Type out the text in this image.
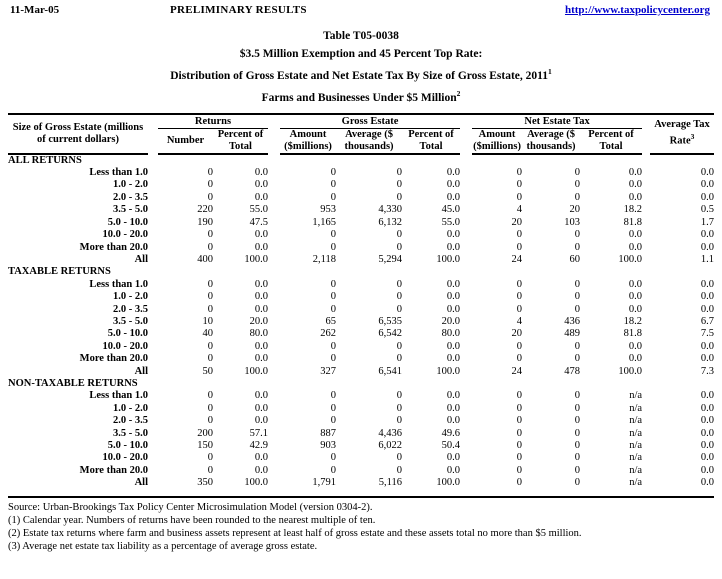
11-Mar-05	PRELIMINARY RESULTS	http://www.taxpolicycenter.org
Table T05-0038
$3.5 Million Exemption and 45 Percent Top Rate:
Distribution of Gross Estate and Net Estate Tax By Size of Gross Estate, 2011$^1$
Farms and Businesses Under $5 Million$^2$
Size of Gross Estate (millions of current dollars)		Returns			Gross Estate				Net Estate Tax				Average Tax Rate$^3$
		Number	Percent of Total		Amount ($millions)	Average ($ thousands)	Percent of Total		Amount ($millions)	Average ($ thousands)	Percent of Total		
ALL RETURNS													
Less than 1.0		0	0.0		0	0	0.0		0	0	0.0		0.0
1.0 - 2.0		0	0.0		0	0	0.0		0	0	0.0		0.0
2.0 - 3.5		0	0.0		0	0	0.0		0	0	0.0		0.0
3.5 - 5.0		220	55.0		953	4,330	45.0		4	20	18.2		0.5
5.0 - 10.0		190	47.5		1,165	6,132	55.0		20	103	81.8		1.7
10.0 - 20.0		0	0.0		0	0	0.0		0	0	0.0		0.0
More than 20.0		0	0.0		0	0	0.0		0	0	0.0		0.0
All		400	100.0		2,118	5,294	100.0		24	60	100.0		1.1
TAXABLE RETURNS													
Less than 1.0		0	0.0		0	0	0.0		0	0	0.0		0.0
1.0 - 2.0		0	0.0		0	0	0.0		0	0	0.0		0.0
2.0 - 3.5		0	0.0		0	0	0.0		0	0	0.0		0.0
3.5 - 5.0		10	20.0		65	6,535	20.0		4	436	18.2		6.7
5.0 - 10.0		40	80.0		262	6,542	80.0		20	489	81.8		7.5
10.0 - 20.0		0	0.0		0	0	0.0		0	0	0.0		0.0
More than 20.0		0	0.0		0	0	0.0		0	0	0.0		0.0
All		50	100.0		327	6,541	100.0		24	478	100.0		7.3
NON-TAXABLE RETURNS													
Less than 1.0		0	0.0		0	0	0.0		0	0	n/a		0.0
1.0 - 2.0		0	0.0		0	0	0.0		0	0	n/a		0.0
2.0 - 3.5		0	0.0		0	0	0.0		0	0	n/a		0.0
3.5 - 5.0		200	57.1		887	4,436	49.6		0	0	n/a		0.0
5.0 - 10.0		150	42.9		903	6,022	50.4		0	0	n/a		0.0
10.0 - 20.0		0	0.0		0	0	0.0		0	0	n/a		0.0
More than 20.0		0	0.0		0	0	0.0		0	0	n/a		0.0
All		350	100.0		1,791	5,116	100.0		0	0	n/a		0.0
Source: Urban-Brookings Tax Policy Center Microsimulation Model (version 0304-2).
(1) Calendar year. Numbers of returns have been rounded to the nearest multiple of ten.
(2) Estate tax returns where farm and business assets represent at least half of gross estate and these assets total no more than $5 million.
(3) Average net estate tax liability as a percentage of average gross estate.
